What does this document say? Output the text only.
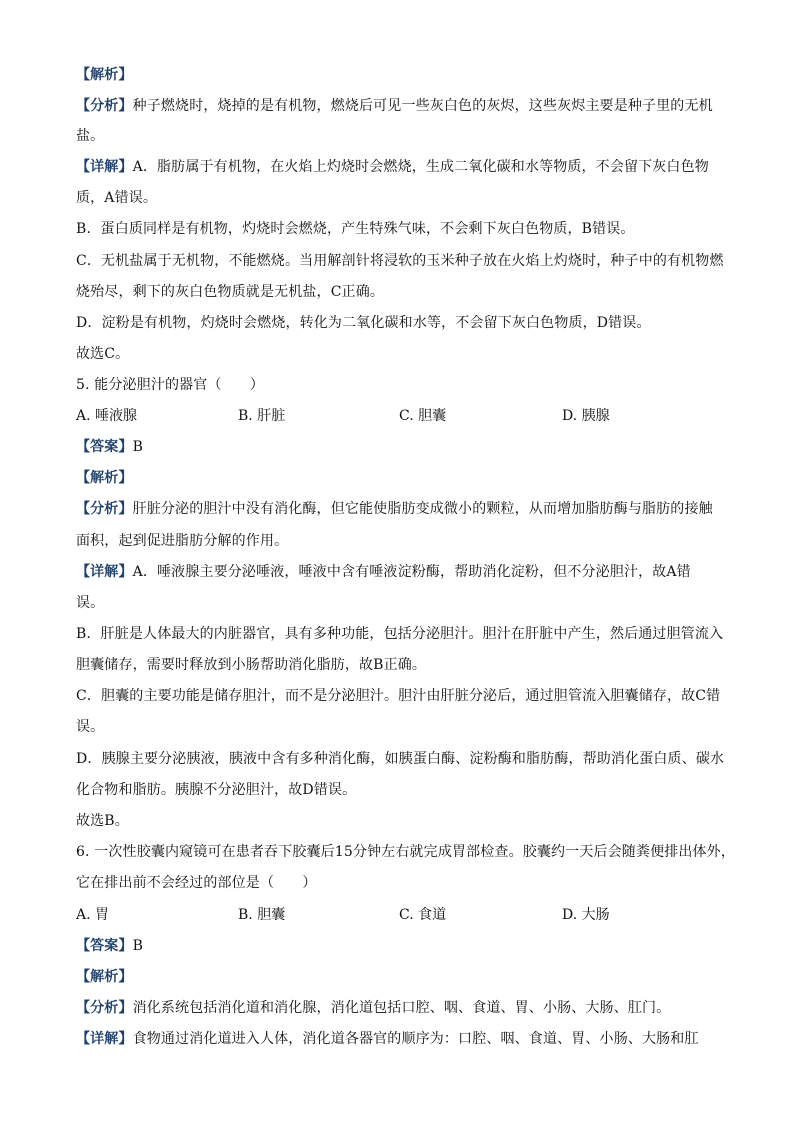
【解析】
【分析】种子燃烧时，烧掉的是有机物，燃烧后可见一些灰白色的灰烬，这些灰烬主要是种子里的无机
盐。
【详解】A．脂肪属于有机物，在火焰上灼烧时会燃烧，生成二氧化碳和水等物质，不会留下灰白色物
质，A错误。
B．蛋白质同样是有机物，灼烧时会燃烧，产生特殊气味，不会剩下灰白色物质，B错误。
C．无机盐属于无机物，不能燃烧。当用解剖针将浸软的玉米种子放在火焰上灼烧时，种子中的有机物燃
烧殆尽，剩下的灰白色物质就是无机盐，C正确。
D．淀粉是有机物，灼烧时会燃烧，转化为二氧化碳和水等，不会留下灰白色物质，D错误。
故选C。
5. 能分泌胆汁的器官（　　）
A. 唾液腺	B. 肝脏	C. 胆囊	D. 胰腺
【答案】B
【解析】
【分析】肝脏分泌的胆汁中没有消化酶，但它能使脂肪变成微小的颗粒，从而增加脂肪酶与脂肪的接触
面积，起到促进脂肪分解的作用。
【详解】A．唾液腺主要分泌唾液，唾液中含有唾液淀粉酶，帮助消化淀粉，但不分泌胆汁，故A错
误。
B．肝脏是人体最大的内脏器官，具有多种功能，包括分泌胆汁。胆汁在肝脏中产生，然后通过胆管流入
胆囊储存，需要时释放到小肠帮助消化脂肪，故B正确。
C．胆囊的主要功能是储存胆汁，而不是分泌胆汁。胆汁由肝脏分泌后，通过胆管流入胆囊储存，故C错
误。
D．胰腺主要分泌胰液，胰液中含有多种消化酶，如胰蛋白酶、淀粉酶和脂肪酶，帮助消化蛋白质、碳水
化合物和脂肪。胰腺不分泌胆汁，故D错误。
故选B。
6. 一次性胶囊内窥镜可在患者吞下胶囊后15分钟左右就完成胃部检查。胶囊约一天后会随粪便排出体外，
它在排出前不会经过的部位是（　　）
A. 胃	B. 胆囊	C. 食道	D. 大肠
【答案】B
【解析】
【分析】消化系统包括消化道和消化腺，消化道包括口腔、咽、食道、胃、小肠、大肠、肛门。
【详解】食物通过消化道进入人体，消化道各器官的顺序为：口腔、咽、食道、胃、小肠、大肠和肛
